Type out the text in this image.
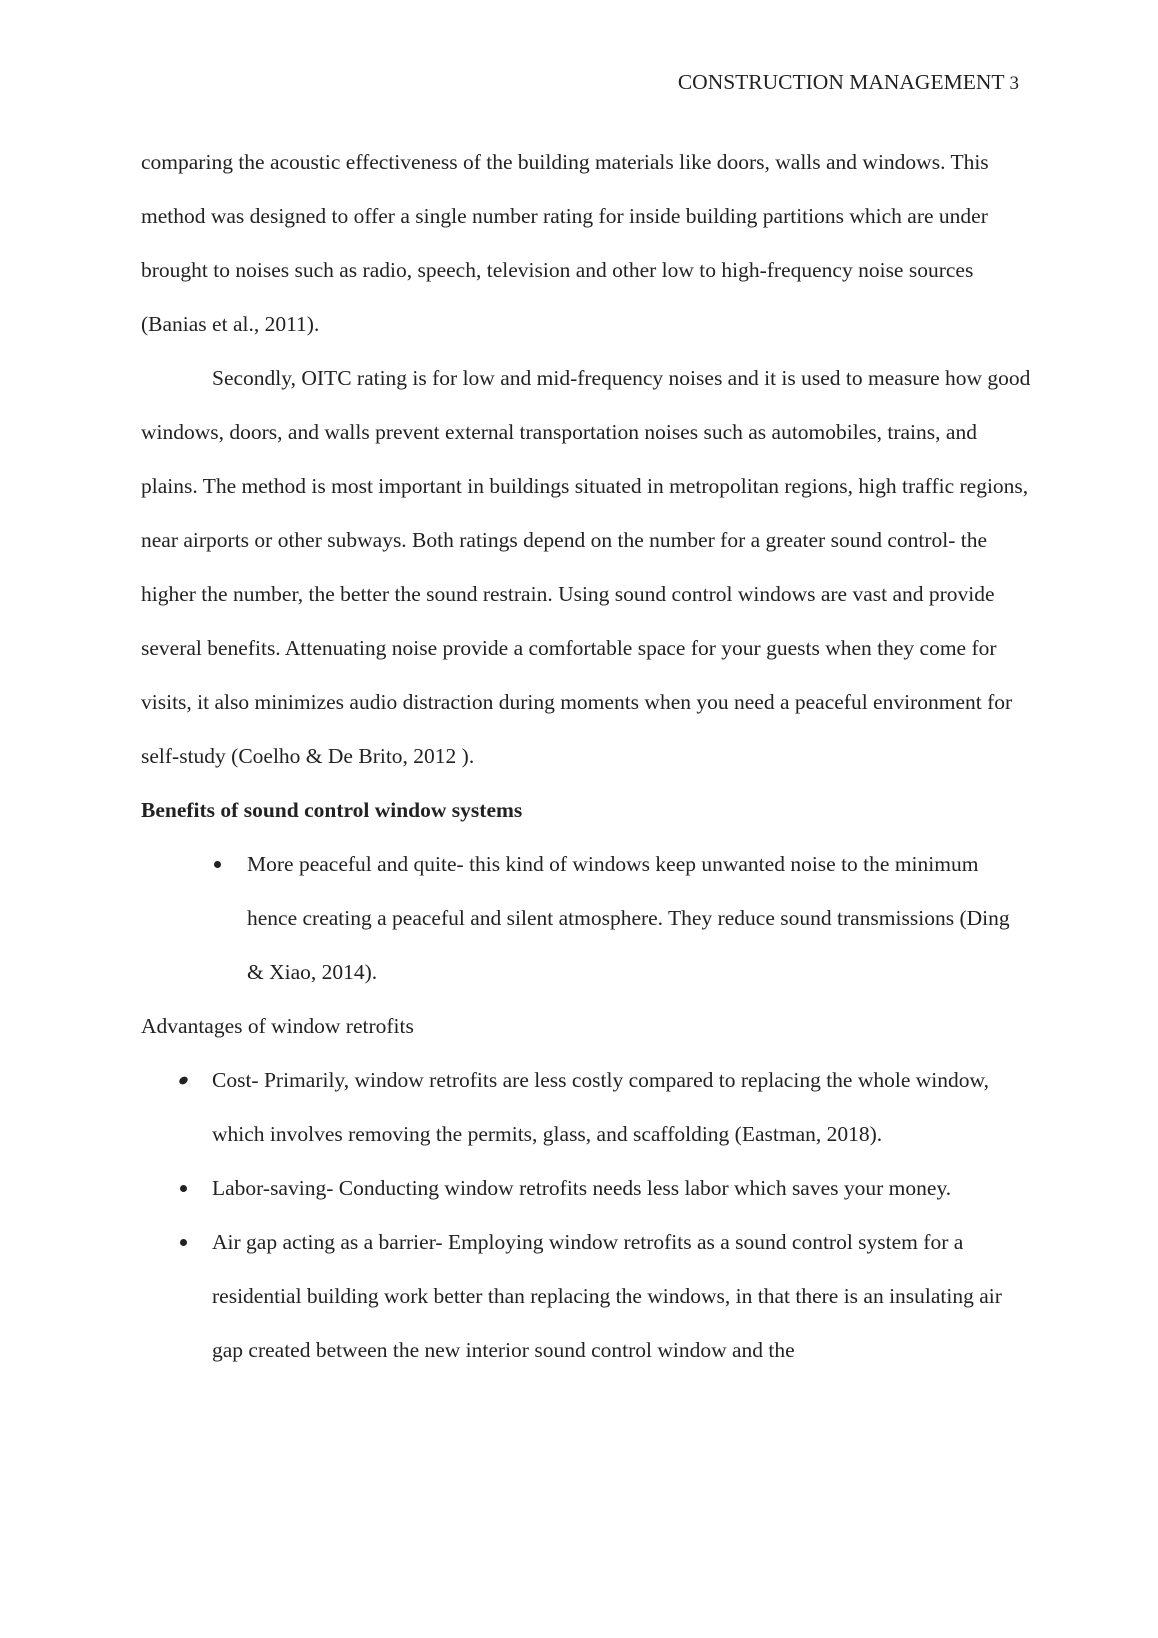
CONSTRUCTION MANAGEMENT 3

comparing the acoustic effectiveness of the building materials like doors, walls and windows. This method was designed to offer a single number rating for inside building partitions which are under brought to noises such as radio, speech, television and other low to high-frequency noise sources (Banias et al., 2011).

Secondly, OITC rating is for low and mid-frequency noises and it is used to measure how good windows, doors, and walls prevent external transportation noises such as automobiles, trains, and plains. The method is most important in buildings situated in metropolitan regions, high traffic regions, near airports or other subways. Both ratings depend on the number for a greater sound control- the higher the number, the better the sound restrain. Using sound control windows are vast and provide several benefits. Attenuating noise provide a comfortable space for your guests when they come for visits, it also minimizes audio distraction during moments when you need a peaceful environment for self-study (Coelho & De Brito, 2012 ).

Benefits of sound control window systems

More peaceful and quite- this kind of windows keep unwanted noise to the minimum hence creating a peaceful and silent atmosphere. They reduce sound transmissions (Ding & Xiao, 2014).

Advantages of window retrofits

Cost- Primarily, window retrofits are less costly compared to replacing the whole window, which involves removing the permits, glass, and scaffolding (Eastman, 2018).
Labor-saving- Conducting window retrofits needs less labor which saves your money.
Air gap acting as a barrier- Employing window retrofits as a sound control system for a residential building work better than replacing the windows, in that there is an insulating air gap created between the new interior sound control window and the
